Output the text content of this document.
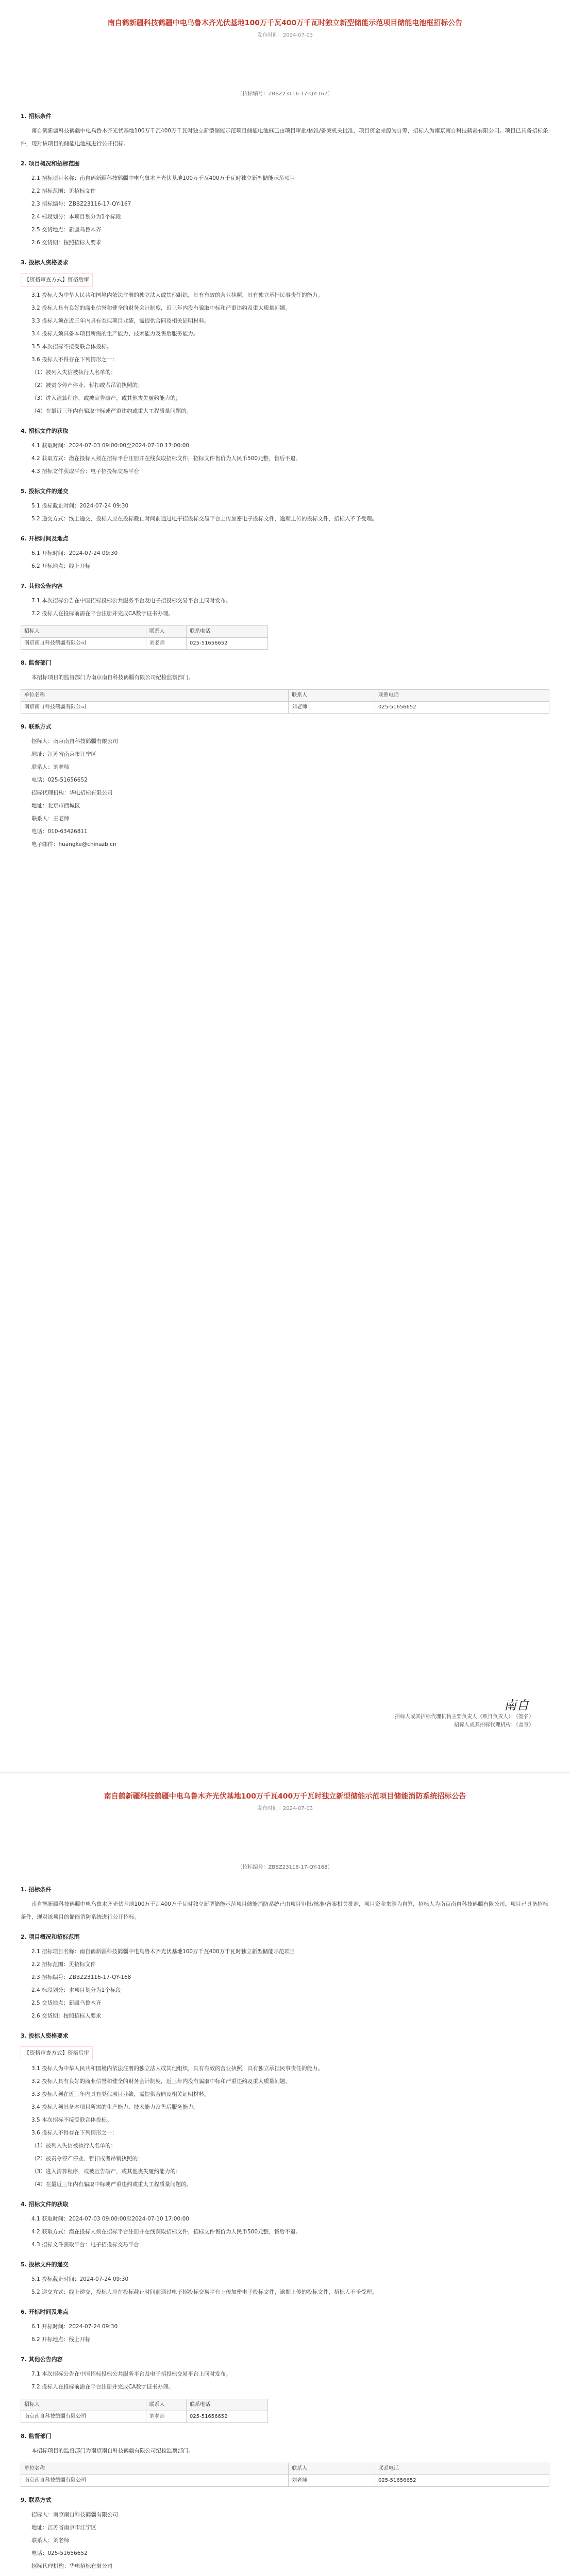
南自鹤新疆科技鹤疆中电乌鲁木齐光伏基地100万千瓦400万千瓦时独立新型储能示范项目储能电池框招标公告
发布时间：2024-07-03
（招标编号：ZBBZ23116-17-QY-167）
1. 招标条件

南自鹤新疆科技鹤疆中电乌鲁木齐光伏基地100万千瓦400万千瓦时独立新型储能示范项目储能电池框已由项目审批/核准/备案机关批准，项目资金来源为自筹，招标人为南京南自科技鹤疆有限公司。项目已具备招标条件，现对该项目的储能电池框进行公开招标。

2. 项目概况和招标范围

2.1 招标项目名称：南自鹤新疆科技鹤疆中电乌鲁木齐光伏基地100万千瓦400万千瓦时独立新型储能示范项目

2.2 招标范围：见招标文件

2.3 招标编号：ZBBZ23116-17-QY-167

2.4 标段划分：本项目划分为1个标段

2.5 交货地点：新疆乌鲁木齐

2.6 交货期：按照招标人要求

3. 投标人资格要求

【资格审查方式】资格后审

3.1 投标人为中华人民共和国境内依法注册的独立法人或其他组织，具有有效的营业执照，具有独立承担民事责任的能力。

3.2 投标人具有良好的商业信誉和健全的财务会计制度，近三年内没有骗取中标和严重违约及重大质量问题。

3.3 投标人须在近三年内具有类似项目业绩，需提供合同及相关证明材料。

3.4 投标人须具备本项目所需的生产能力、技术能力及售后服务能力。

3.5 本次招标不接受联合体投标。

3.6 投标人不得存在下列情形之一：

（1）被列入失信被执行人名单的；

（2）被责令停产停业、暂扣或者吊销执照的；

（3）进入清算程序，或被宣告破产，或其他丧失履约能力的；

（4）在最近三年内有骗取中标或严重违约或重大工程质量问题的。

4. 招标文件的获取

4.1 获取时间：2024-07-03 09:00:00至2024-07-10 17:00:00

4.2 获取方式：潜在投标人须在招标平台注册并在线获取招标文件，招标文件售价为人民币500元整，售后不退。

4.3 招标文件获取平台：电子招投标交易平台

5. 投标文件的递交

5.1 投标截止时间：2024-07-24 09:30

5.2 递交方式：线上递交，投标人应在投标截止时间前通过电子招投标交易平台上传加密电子投标文件，逾期上传的投标文件，招标人不予受理。

6. 开标时间及地点

6.1 开标时间：2024-07-24 09:30

6.2 开标地点：线上开标

7. 其他公告内容

7.1 本次招标公告在中国招标投标公共服务平台及电子招投标交易平台上同时发布。

7.2 投标人在投标前需在平台注册并完成CA数字证书办理。

招标人	联系人	联系电话
南京南自科技鹤疆有限公司	刘老师	025-51656652
8. 监督部门

本招标项目的监督部门为南京南自科技鹤疆有限公司纪检监察部门。

单位名称	联系人	联系电话
南京南自科技鹤疆有限公司	刘老师	025-51656652
9. 联系方式

招标人：南京南自科技鹤疆有限公司

地址：江苏省南京市江宁区

联系人：刘老师

电话：025-51656652

招标代理机构：华电招标有限公司

地址：北京市西城区

联系人：王老师

电话：010-63426811

电子邮件：huangke@chinazb.cn

南自
招标人或其招标代理机构主要负责人（项目负责人）：（签名）
招标人或其招标代理机构：（盖章）
南自鹤新疆科技鹤疆中电乌鲁木齐光伏基地100万千瓦400万千瓦时独立新型储能示范项目储能消防系统招标公告
发布时间：2024-07-03
（招标编号：ZBBZ23116-17-QY-168）
1. 招标条件

南自鹤新疆科技鹤疆中电乌鲁木齐光伏基地100万千瓦400万千瓦时独立新型储能示范项目储能消防系统已由项目审批/核准/备案机关批准，项目资金来源为自筹，招标人为南京南自科技鹤疆有限公司。项目已具备招标条件，现对该项目的储能消防系统进行公开招标。

2. 项目概况和招标范围

2.1 招标项目名称：南自鹤新疆科技鹤疆中电乌鲁木齐光伏基地100万千瓦400万千瓦时独立新型储能示范项目

2.2 招标范围：见招标文件

2.3 招标编号：ZBBZ23116-17-QY-168

2.4 标段划分：本项目划分为1个标段

2.5 交货地点：新疆乌鲁木齐

2.6 交货期：按照招标人要求

3. 投标人资格要求

【资格审查方式】资格后审

3.1 投标人为中华人民共和国境内依法注册的独立法人或其他组织，具有有效的营业执照，具有独立承担民事责任的能力。

3.2 投标人具有良好的商业信誉和健全的财务会计制度，近三年内没有骗取中标和严重违约及重大质量问题。

3.3 投标人须在近三年内具有类似项目业绩，需提供合同及相关证明材料。

3.4 投标人须具备本项目所需的生产能力、技术能力及售后服务能力。

3.5 本次招标不接受联合体投标。

3.6 投标人不得存在下列情形之一：

（1）被列入失信被执行人名单的；

（2）被责令停产停业、暂扣或者吊销执照的；

（3）进入清算程序，或被宣告破产，或其他丧失履约能力的；

（4）在最近三年内有骗取中标或严重违约或重大工程质量问题的。

4. 招标文件的获取

4.1 获取时间：2024-07-03 09:00:00至2024-07-10 17:00:00

4.2 获取方式：潜在投标人须在招标平台注册并在线获取招标文件，招标文件售价为人民币500元整，售后不退。

4.3 招标文件获取平台：电子招投标交易平台

5. 投标文件的递交

5.1 投标截止时间：2024-07-24 09:30

5.2 递交方式：线上递交，投标人应在投标截止时间前通过电子招投标交易平台上传加密电子投标文件，逾期上传的投标文件，招标人不予受理。

6. 开标时间及地点

6.1 开标时间：2024-07-24 09:30

6.2 开标地点：线上开标

7. 其他公告内容

7.1 本次招标公告在中国招标投标公共服务平台及电子招投标交易平台上同时发布。

7.2 投标人在投标前需在平台注册并完成CA数字证书办理。

招标人	联系人	联系电话
南京南自科技鹤疆有限公司	刘老师	025-51656652
8. 监督部门

本招标项目的监督部门为南京南自科技鹤疆有限公司纪检监察部门。

单位名称	联系人	联系电话
南京南自科技鹤疆有限公司	刘老师	025-51656652
9. 联系方式

招标人：南京南自科技鹤疆有限公司

地址：江苏省南京市江宁区

联系人：刘老师

电话：025-51656652

招标代理机构：华电招标有限公司
